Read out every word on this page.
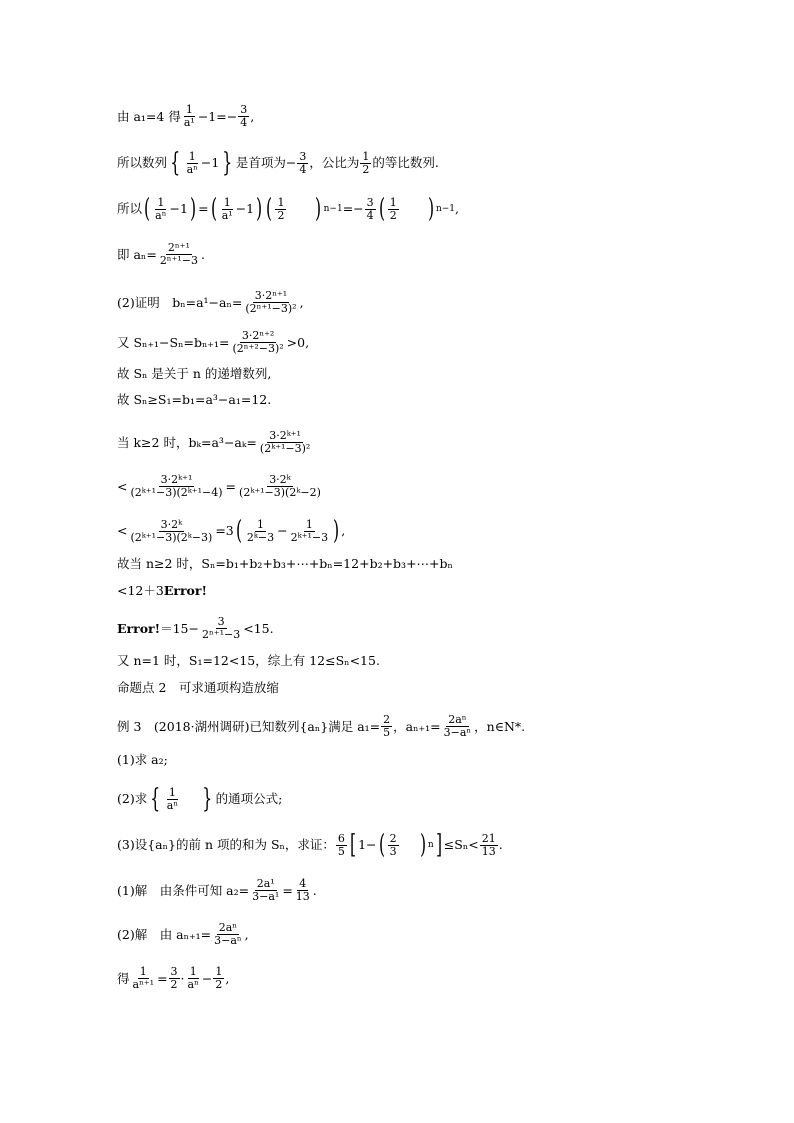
由 a₁=4 得 $\frac{1}{\text{a¹}} -1=- \frac{3}{4}$ ,
所以数列 { $\frac{1}{\text{aⁿ}} -1$ } 是首项为− $\frac{3}{4}$ ，公比为 $\frac{1}{2}$ 的等比数列.
所以 ( $\frac{1}{\text{aⁿ}} -1$ ) = ( $\frac{1}{\text{a¹}} -1$ ) ( $\frac{1}{2}$ ) $n-1 =- \frac{3}{4}$ ( $\frac{1}{2}$ ) n−1 ,
即 $a_n= \frac{\text{2ⁿ⁺¹}}{\text{2ⁿ⁺¹−3}}$ .
(2)证明　$b_n=a^1-a_n= \frac{\text{3·2ⁿ⁺¹}}{\text{(2ⁿ⁺¹−3)²}}$ ,
又 $S_{n+1}-S_n=b_{n+1}= \frac{\text{3·2ⁿ⁺²}}{\text{(2ⁿ⁺²−3)²}} >0$,
故 Sₙ 是关于 n 的递增数列,
故 Sₙ≥S₁=b₁=a³−a₁=12.
当 k≥2 时，$b_k=a^3-a_k= \frac{\text{3·2ᵏ⁺¹}}{\text{(2ᵏ⁺¹−3)²}}$
< $\frac{\text{3·2ᵏ⁺¹}}{\text{(2ᵏ⁺¹−3)(2ᵏ⁺¹−4)}} = \frac{\text{3·2ᵏ}}{\text{(2ᵏ⁺¹−3)(2ᵏ−2)}}$
< $\frac{\text{3·2ᵏ}}{\text{(2ᵏ⁺¹−3)(2ᵏ−3)}} =3$ ( $\frac{1}{\text{2ᵏ−3}} - \frac{1}{\text{2ᵏ⁺¹−3}}$ ) ,
故当 n≥2 时，Sₙ=b₁+b₂+b₃+⋯+bₙ=12+b₂+b₃+⋯+bₙ
<12＋3 Error!
Error! $=15- \frac{3}{\text{2ⁿ⁺¹−3}} <15$.
又 n=1 时，S₁=12<15，综上有 12≤Sₙ<15.
命题点 2　可求通项构造放缩
例 3　(2018·湖州调研)已知数列{aₙ}满足 $a_1= \frac{2}{5}$ ，$a_{n+1}= \frac{\text{2aⁿ}}{\text{3−aⁿ}}$ ，n∈N*.
(1)求 a₂;
(2)求 { $\frac{1}{\text{aⁿ}}$ } 的通项公式;
(3)设{aₙ}的前 n 项的和为 Sₙ，求证： $\frac{6}{5}$ [ 1− ( $\frac{2}{3}$ ) n ] $\le S_n< \frac{21}{13}$ .
(1)解　由条件可知 $a_2= \frac{\text{2a¹}}{\text{3−a¹}} = \frac{4}{13}$ .
(2)解　由 $a_{n+1}= \frac{\text{2aⁿ}}{\text{3−aⁿ}}$ ,
得 $\frac{1}{\text{aⁿ⁺¹}} = \frac{3}{2} \cdot \frac{1}{\text{aⁿ}} - \frac{1}{2}$ ,
